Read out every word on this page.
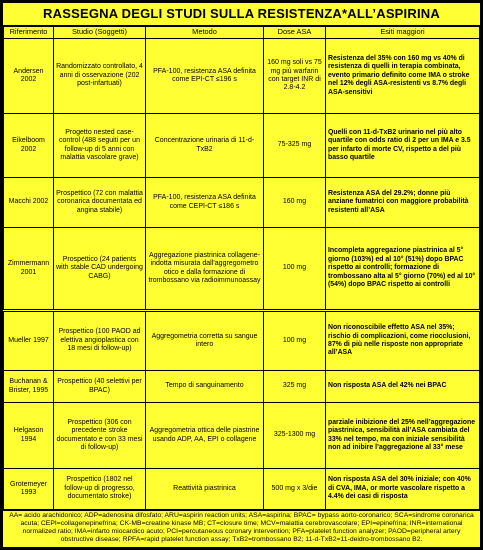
RASSEGNA DEGLI STUDI SULLA RESISTENZA*ALL’ASPIRINA
Riferimento	Studio (Soggetti)	Metodo	Dose ASA	Esiti maggiori
Andersen 2002	Randomizzato controllato, 4 anni di osservazione (202 post-infartuati)	PFA-100, resistenza ASA definita come EPI-CT ≤196 s	160 mg soli vs 75 mg più warfarin con target INR di 2.8-4.2	Resistenza del 35% con 160 mg vs 40% di resistenza di quelli in terapia combinata, evento primario definito come IMA o stroke nel 12% degli ASA-resistenti vs 8.7% degli ASA-sensitivi
Eikelboom 2002	Progetto nested case-control (488 seguiti per un follow-up di 5 anni con malattia vascolare grave)	Concentrazione urinaria di 11-d-TxB2	75-325 mg	Quelli con 11-d-TxB2 urinario nel più alto quartile con odds ratio di 2 per un IMA e 3.5 per infarto di morte CV, rispetto a del più basso quartile
Macchi 2002	Prospettico (72 con malattia coronarica documentata ed angina stabile)	PFA-100, resistenza ASA definita come CEPI-CT ≤186 s	160 mg	Resistenza ASA del 29.2%; donne più anziane fumatrici con maggiore probabilità resistenti all’ASA
Zimmermann 2001	Prospettico (24 patients with stable CAD undergoing CABG)	Aggregazione piastrinica collagene-indotta misurata dall’aggregometro otico e dalla formazione di trombossano via radioimmunoassay	100 mg	Incompleta aggregazione piastrinica al 5° giorno (103%) ed al 10° (51%) dopo BPAC rispetto ai controlli; formazione di trombossano alta al 5° giorno (70%) ed al 10° (54%) dopo BPAC rispetto ai controlli
Mueller 1997	Prospettico (100 PAOD ad elettiva angioplastica con 18 mesi di follow-up)	Aggregometria corretta su sangue intero	100 mg	Non riconoscibile effetto ASA nel 35%; rischio di complicazioni, come riocclusioni, 87% di più nelle risposte non appropriate all’ASA
Buchanan & Brister, 1995	Prospettico (40 selettivi per BPAC)	Tempo di sanguinamento	325 mg	Non risposta ASA del 42% nei BPAC
Helgason 1994	Prospettico (306 con precedente stroke documentato e con 33 mesi di follow-up)	Aggregometria ottica delle piastrine usando ADP, AA, EPI o collagene	325-1300 mg	parziale inibizione del 25% nell’aggregazione piastrinica, sensibilità all’ASA cambiata del 33% nel tempo, ma con iniziale sensibilità non ad inibire l’aggregazione al 33° mese
Grotemeyer 1993	Prospettico (1802 nel follow-up di progresso, documentato stroke)	Reattività piastrinica	500 mg x 3/die	Non risposta ASA del 30% iniziale; con 40% di CVA, IMA, or morte vascolare rispetto a 4.4% dei casi di risposta
AA= acido arachidonico; ADP=adenosina difosfato; ARU=aspirin reaction units; ASA=aspirina; BPAC= bypass aorto-coronarico; SCA=sindrome coronarica acuta; CEPI=collagenepinefrina; CK-MB=creatine kinase MB; CT=closure time; MCV=malattia cerebrovascolare; EPI=epinefrina; INR=international normalized ratio; IMA=infarto miocardico acuto; PCI=percutaneous coronary intervention; PFA=platelet function analyzer; PAOD=peripheral artery obstructive disease; RPFA=rapid platelet function assay; TxB2=trombossano B2; 11-d-TxB2=11-deidro-trombossano B2.
